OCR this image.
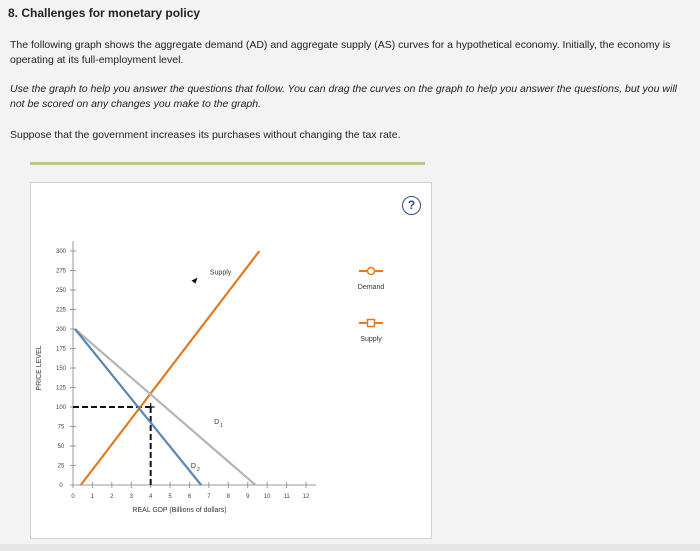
8. Challenges for monetary policy
The following graph shows the aggregate demand (AD) and aggregate supply (AS) curves for a hypothetical economy. Initially, the economy is operating at its full-employment level.
Use the graph to help you answer the questions that follow. You can drag the curves on the graph to help you answer the questions, but you will not be scored on any changes you make to the graph.
Suppose that the government increases its purchases without changing the tax rate.
0
25
50
75
100
125
150
175
200
225
250
275
300
0	1	2	3	4	5	6	7	8	9 10 11 12
REAL GDP (Billions of dollars)
PRICE LEVEL
Supply
D 1
D 2
Demand
Supply
?
